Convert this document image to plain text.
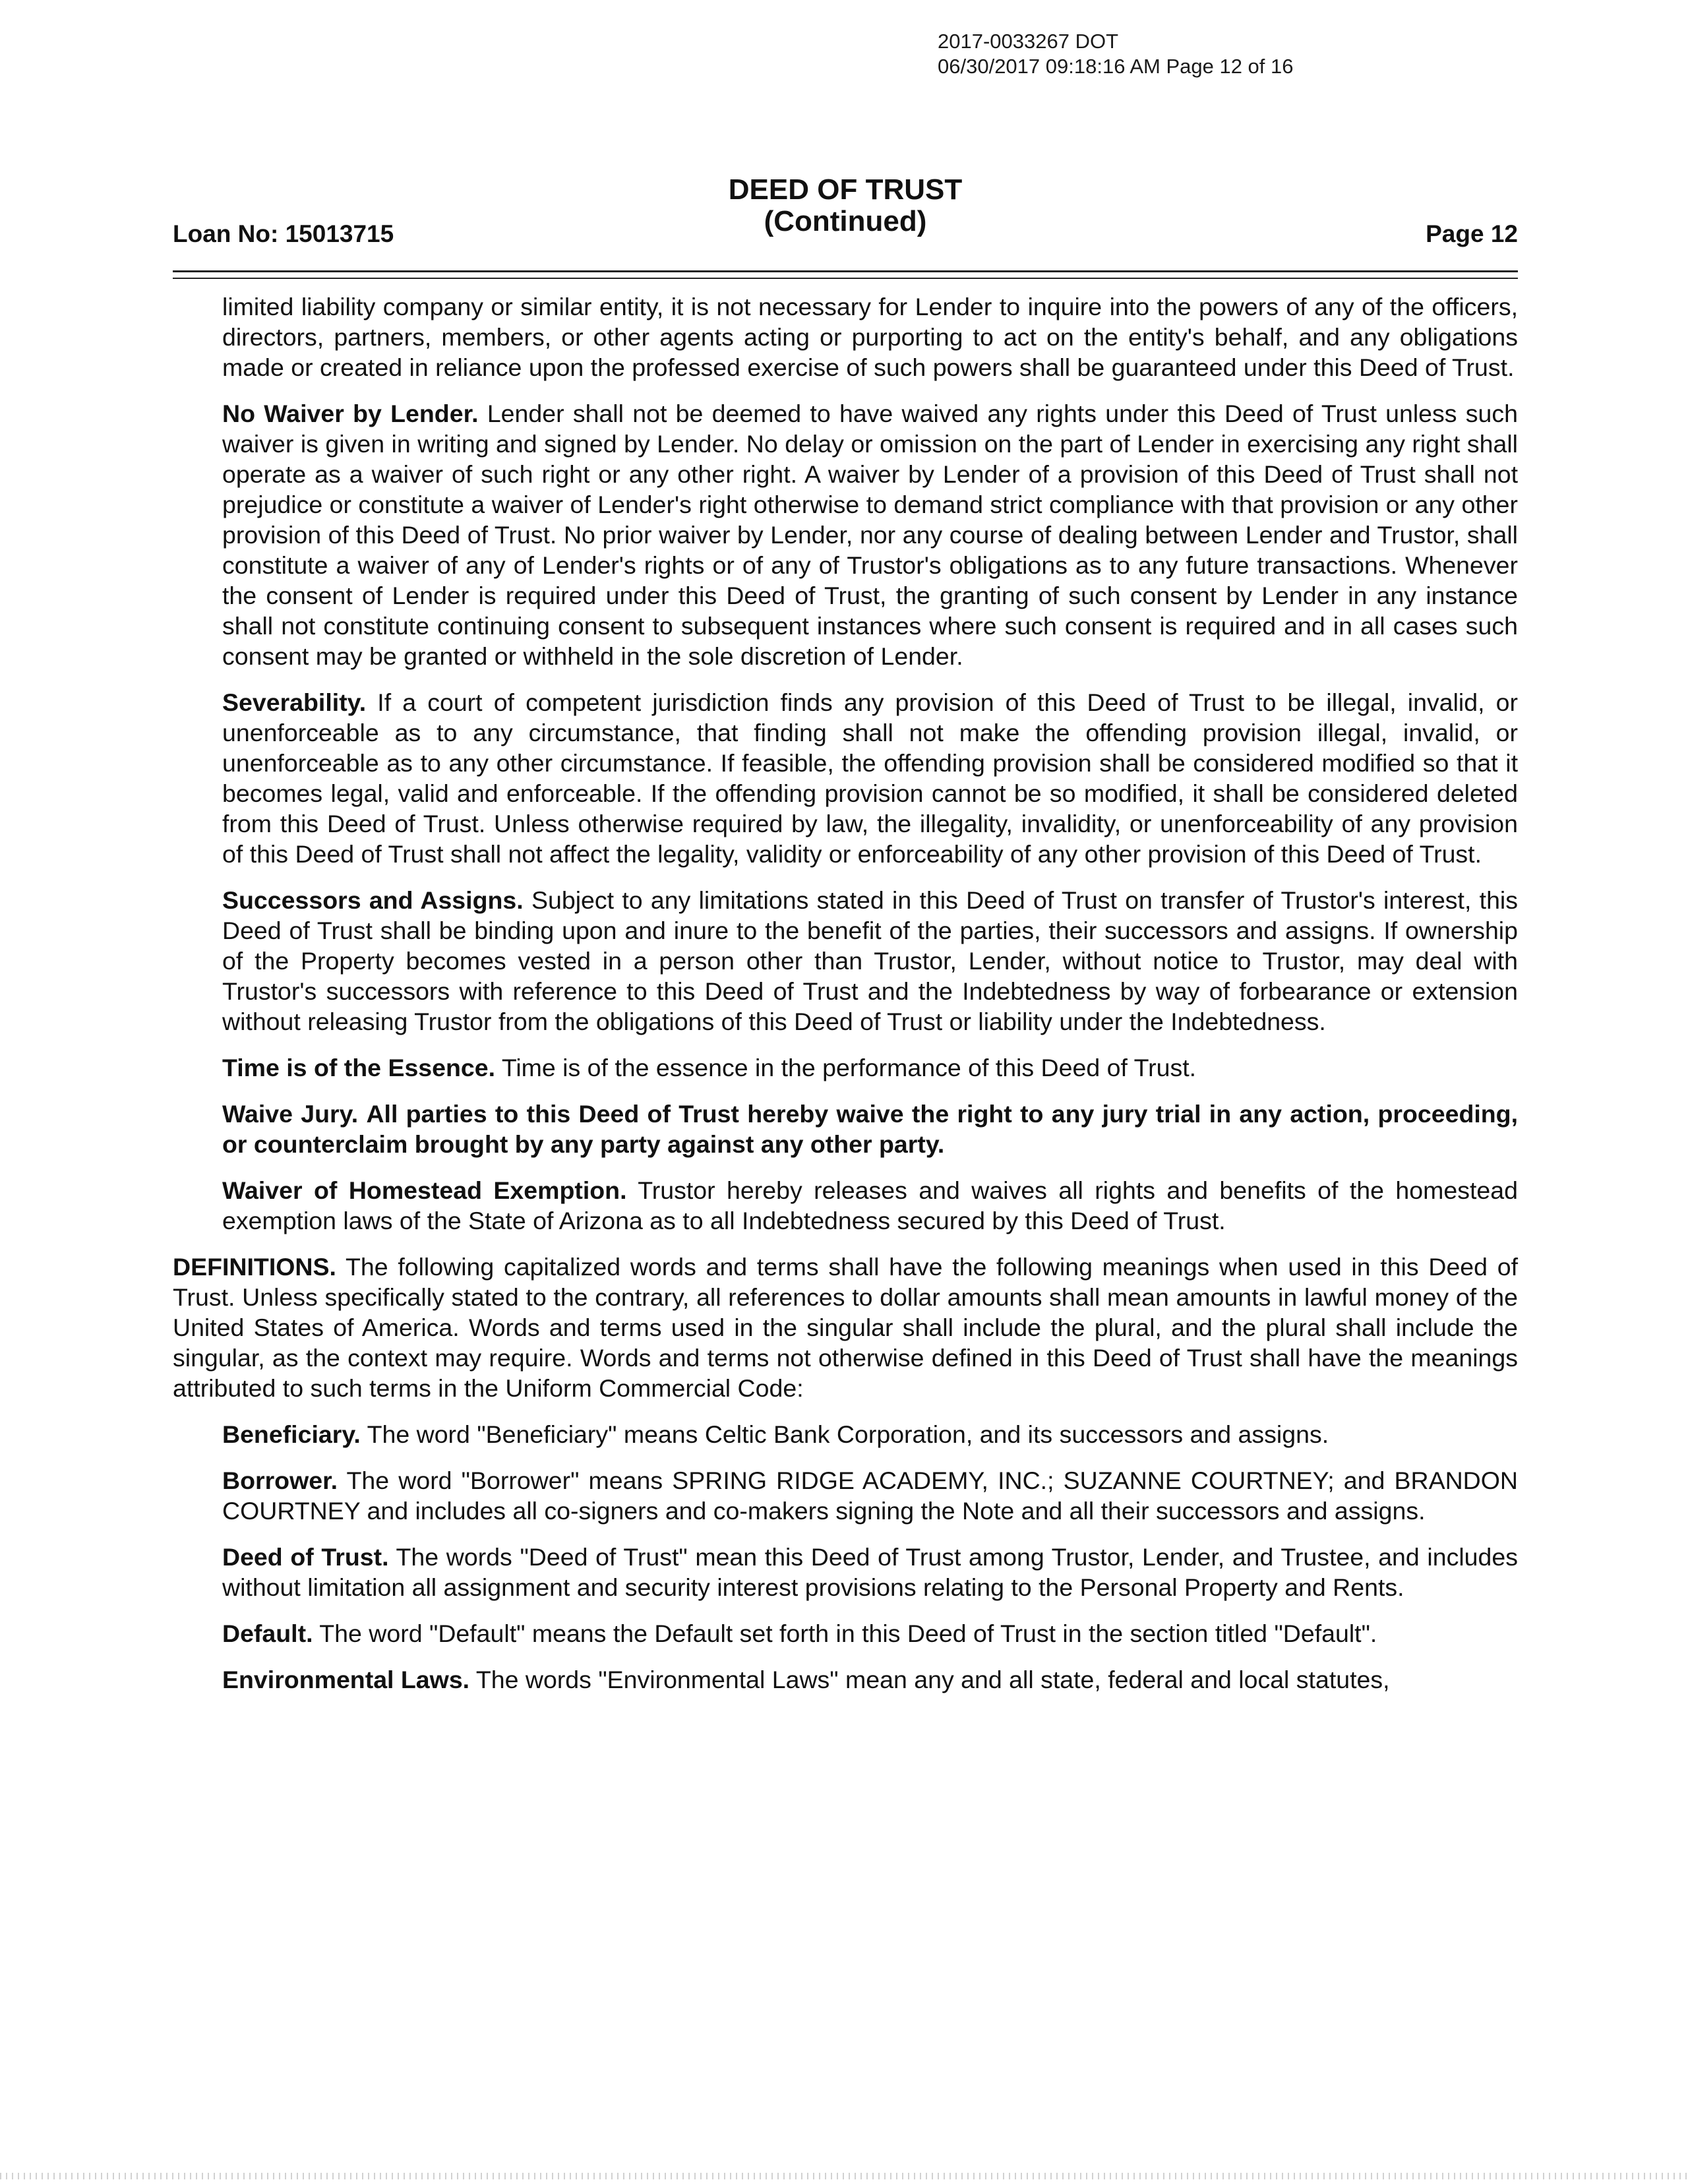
2017-0033267 DOT
06/30/2017 09:18:16 AM Page 12 of 16
DEED OF TRUST
(Continued)
Loan No: 15013715	Page 12

limited liability company or similar entity, it is not necessary for Lender to inquire into the powers of any of the officers, directors, partners, members, or other agents acting or purporting to act on the entity's behalf, and any obligations made or created in reliance upon the professed exercise of such powers shall be guaranteed under this Deed of Trust.

No Waiver by Lender. Lender shall not be deemed to have waived any rights under this Deed of Trust unless such waiver is given in writing and signed by Lender. No delay or omission on the part of Lender in exercising any right shall operate as a waiver of such right or any other right. A waiver by Lender of a provision of this Deed of Trust shall not prejudice or constitute a waiver of Lender's right otherwise to demand strict compliance with that provision or any other provision of this Deed of Trust. No prior waiver by Lender, nor any course of dealing between Lender and Trustor, shall constitute a waiver of any of Lender's rights or of any of Trustor's obligations as to any future transactions. Whenever the consent of Lender is required under this Deed of Trust, the granting of such consent by Lender in any instance shall not constitute continuing consent to subsequent instances where such consent is required and in all cases such consent may be granted or withheld in the sole discretion of Lender.

Severability. If a court of competent jurisdiction finds any provision of this Deed of Trust to be illegal, invalid, or unenforceable as to any circumstance, that finding shall not make the offending provision illegal, invalid, or unenforceable as to any other circumstance. If feasible, the offending provision shall be considered modified so that it becomes legal, valid and enforceable. If the offending provision cannot be so modified, it shall be considered deleted from this Deed of Trust. Unless otherwise required by law, the illegality, invalidity, or unenforceability of any provision of this Deed of Trust shall not affect the legality, validity or enforceability of any other provision of this Deed of Trust.

Successors and Assigns. Subject to any limitations stated in this Deed of Trust on transfer of Trustor's interest, this Deed of Trust shall be binding upon and inure to the benefit of the parties, their successors and assigns. If ownership of the Property becomes vested in a person other than Trustor, Lender, without notice to Trustor, may deal with Trustor's successors with reference to this Deed of Trust and the Indebtedness by way of forbearance or extension without releasing Trustor from the obligations of this Deed of Trust or liability under the Indebtedness.

Time is of the Essence. Time is of the essence in the performance of this Deed of Trust.

Waive Jury. All parties to this Deed of Trust hereby waive the right to any jury trial in any action, proceeding, or counterclaim brought by any party against any other party.

Waiver of Homestead Exemption. Trustor hereby releases and waives all rights and benefits of the homestead exemption laws of the State of Arizona as to all Indebtedness secured by this Deed of Trust.

DEFINITIONS. The following capitalized words and terms shall have the following meanings when used in this Deed of Trust. Unless specifically stated to the contrary, all references to dollar amounts shall mean amounts in lawful money of the United States of America. Words and terms used in the singular shall include the plural, and the plural shall include the singular, as the context may require. Words and terms not otherwise defined in this Deed of Trust shall have the meanings attributed to such terms in the Uniform Commercial Code:

Beneficiary. The word "Beneficiary" means Celtic Bank Corporation, and its successors and assigns.

Borrower. The word "Borrower" means SPRING RIDGE ACADEMY, INC.; SUZANNE COURTNEY; and BRANDON COURTNEY and includes all co-signers and co-makers signing the Note and all their successors and assigns.

Deed of Trust. The words "Deed of Trust" mean this Deed of Trust among Trustor, Lender, and Trustee, and includes without limitation all assignment and security interest provisions relating to the Personal Property and Rents.

Default. The word "Default" means the Default set forth in this Deed of Trust in the section titled "Default".

Environmental Laws. The words "Environmental Laws" mean any and all state, federal and local statutes,
